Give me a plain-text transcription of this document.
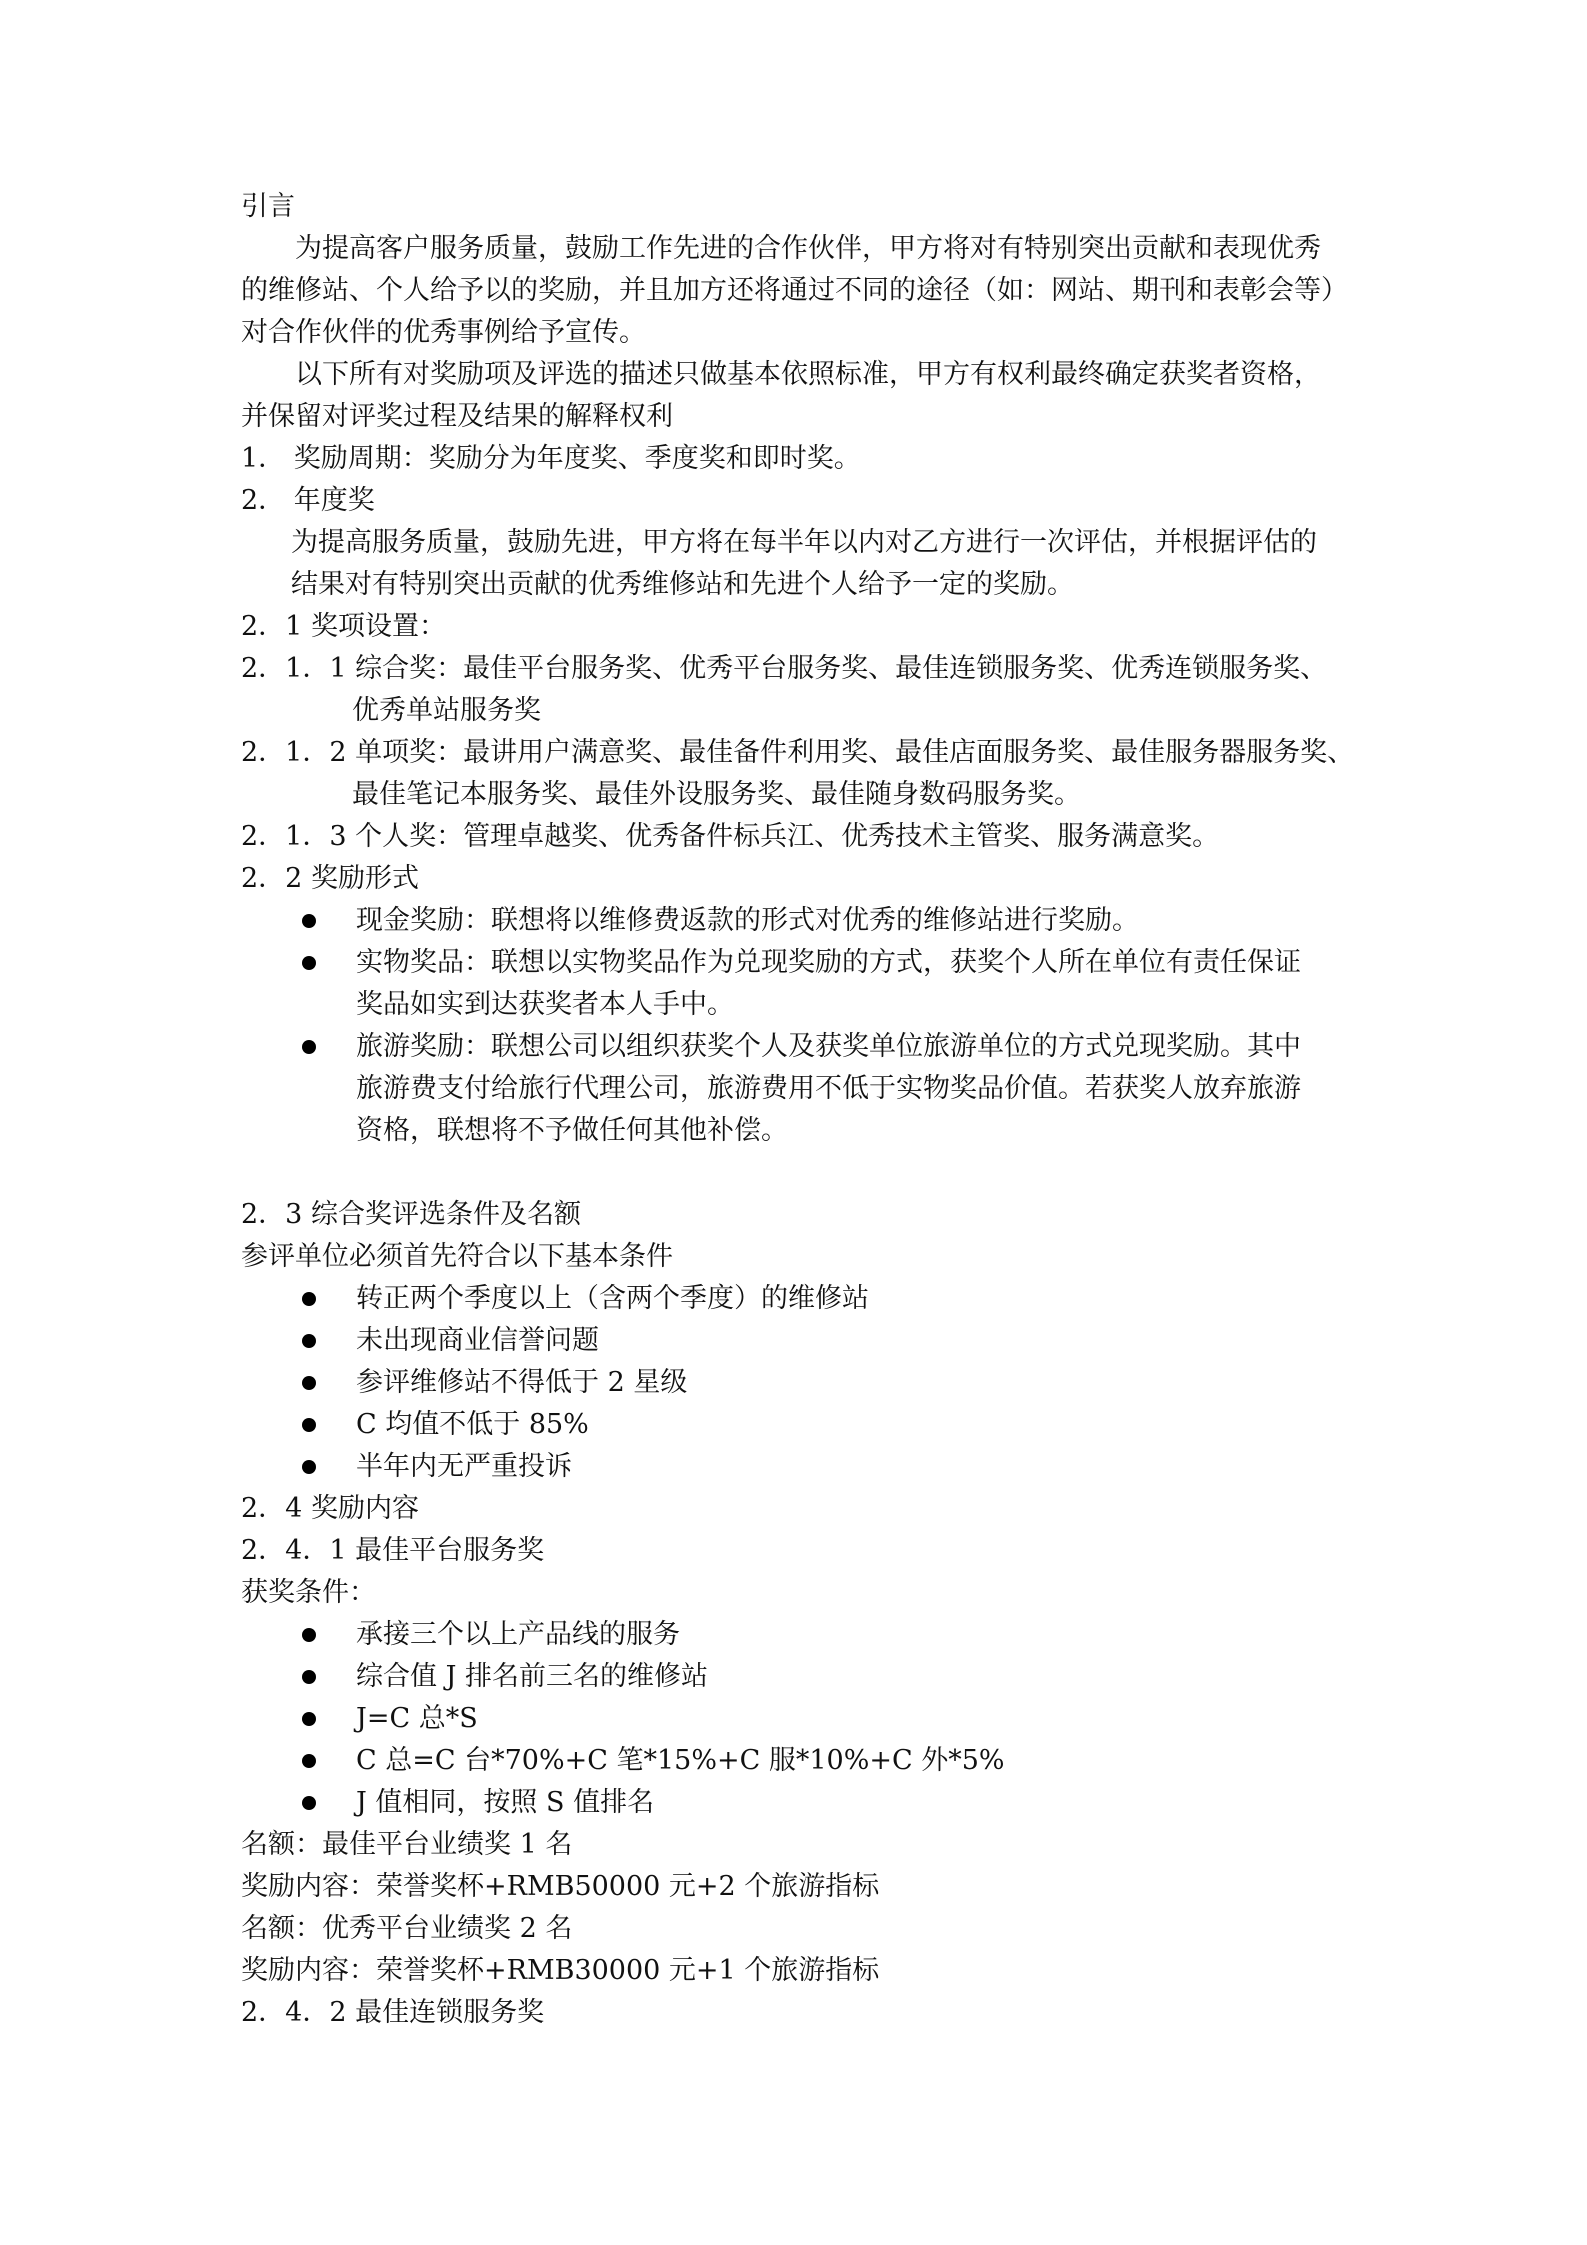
引言
为提高客户服务质量，鼓励工作先进的合作伙伴，甲方将对有特别突出贡献和表现优秀
的维修站、个人给予以的奖励，并且加方还将通过不同的途径（如：网站、期刊和表彰会等）
对合作伙伴的优秀事例给予宣传。
以下所有对奖励项及评选的描述只做基本依照标准，甲方有权利最终确定获奖者资格，
并保留对评奖过程及结果的解释权利
1． 奖励周期：奖励分为年度奖、季度奖和即时奖。
2． 年度奖
为提高服务质量，鼓励先进，甲方将在每半年以内对乙方进行一次评估，并根据评估的
结果对有特别突出贡献的优秀维修站和先进个人给予一定的奖励。
2．1 奖项设置：
2．1．1 综合奖：最佳平台服务奖、优秀平台服务奖、最佳连锁服务奖、优秀连锁服务奖、
优秀单站服务奖
2．1．2 单项奖：最讲用户满意奖、最佳备件利用奖、最佳店面服务奖、最佳服务器服务奖、
最佳笔记本服务奖、最佳外设服务奖、最佳随身数码服务奖。
2．1．3 个人奖：管理卓越奖、优秀备件标兵江、优秀技术主管奖、服务满意奖。
2．2 奖励形式
现金奖励：联想将以维修费返款的形式对优秀的维修站进行奖励。
实物奖品：联想以实物奖品作为兑现奖励的方式，获奖个人所在单位有责任保证
奖品如实到达获奖者本人手中。
旅游奖励：联想公司以组织获奖个人及获奖单位旅游单位的方式兑现奖励。其中
旅游费支付给旅行代理公司，旅游费用不低于实物奖品价值。若获奖人放弃旅游
资格，联想将不予做任何其他补偿。
2．3 综合奖评选条件及名额
参评单位必须首先符合以下基本条件
转正两个季度以上（含两个季度）的维修站
未出现商业信誉问题
参评维修站不得低于 2 星级
C 均值不低于 85%
半年内无严重投诉
2．4 奖励内容
2．4．1 最佳平台服务奖
获奖条件：
承接三个以上产品线的服务
综合值 J 排名前三名的维修站
J=C 总*S
C 总=C 台*70%+C 笔*15%+C 服*10%+C 外*5%
J 值相同，按照 S 值排名
名额：最佳平台业绩奖 1 名
奖励内容：荣誉奖杯+RMB50000 元+2 个旅游指标
名额：优秀平台业绩奖 2 名
奖励内容：荣誉奖杯+RMB30000 元+1 个旅游指标
2．4．2 最佳连锁服务奖
